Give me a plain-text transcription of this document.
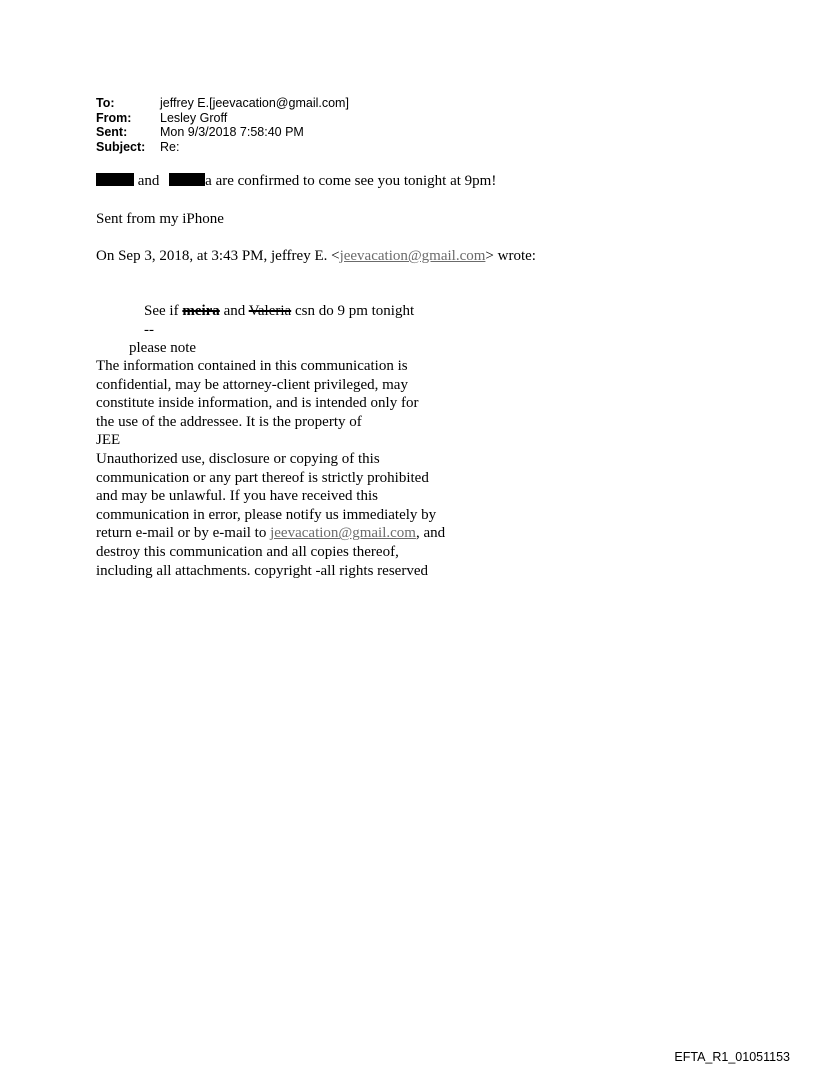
To:	jeffrey E.[jeevacation@gmail.com]
From:	Lesley Groff
Sent:	Mon 9/3/2018 7:58:40 PM
Subject:	Re:
and	a are confirmed to come see you tonight at 9pm!
Sent from my iPhone
On Sep 3, 2018, at 3:43 PM, jeffrey E. <jeevacation@gmail.com> wrote:
See if meira and Valeria csn do 9 pm tonight
--
please note
The information contained in this communication is
confidential, may be attorney-client privileged, may
constitute inside information, and is intended only for
the use of the addressee. It is the property of
JEE
Unauthorized use, disclosure or copying of this
communication or any part thereof is strictly prohibited
and may be unlawful. If you have received this
communication in error, please notify us immediately by
return e-mail or by e-mail to jeevacation@gmail.com, and
destroy this communication and all copies thereof,
including all attachments. copyright -all rights reserved
EFTA_R1_01051153
